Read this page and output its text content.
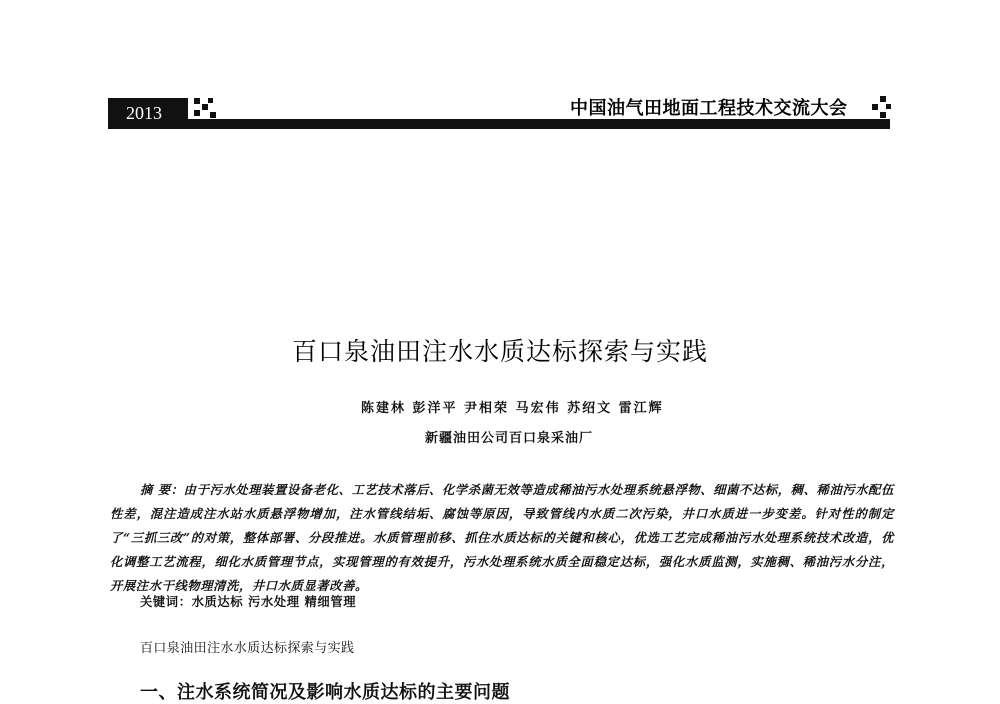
2013	中国油气田地面工程技术交流大会
百口泉油田注水水质达标探索与实践
陈建林 彭洋平 尹相荣 马宏伟 苏绍文 雷江辉
新疆油田公司百口泉采油厂
摘 要：由于污水处理装置设备老化、工艺技术落后、化学杀菌无效等造成稀油污水处理系统悬浮物、细菌不达标，稠、稀油污水配伍性差，混注造成注水站水质悬浮物增加，注水管线结垢、腐蚀等原因，导致管线内水质二次污染，井口水质进一步变差。针对性的制定了“三抓三改”的对策，整体部署、分段推进。水质管理前移、抓住水质达标的关键和核心，优选工艺完成稀油污水处理系统技术改造，优化调整工艺流程，细化水质管理节点，实现管理的有效提升，污水处理系统水质全面稳定达标，强化水质监测，实施稠、稀油污水分注，开展注水干线物理清洗，井口水质显著改善。
关键词：水质达标 污水处理 精细管理
百口泉油田注水水质达标探索与实践
一、注水系统简况及影响水质达标的主要问题
